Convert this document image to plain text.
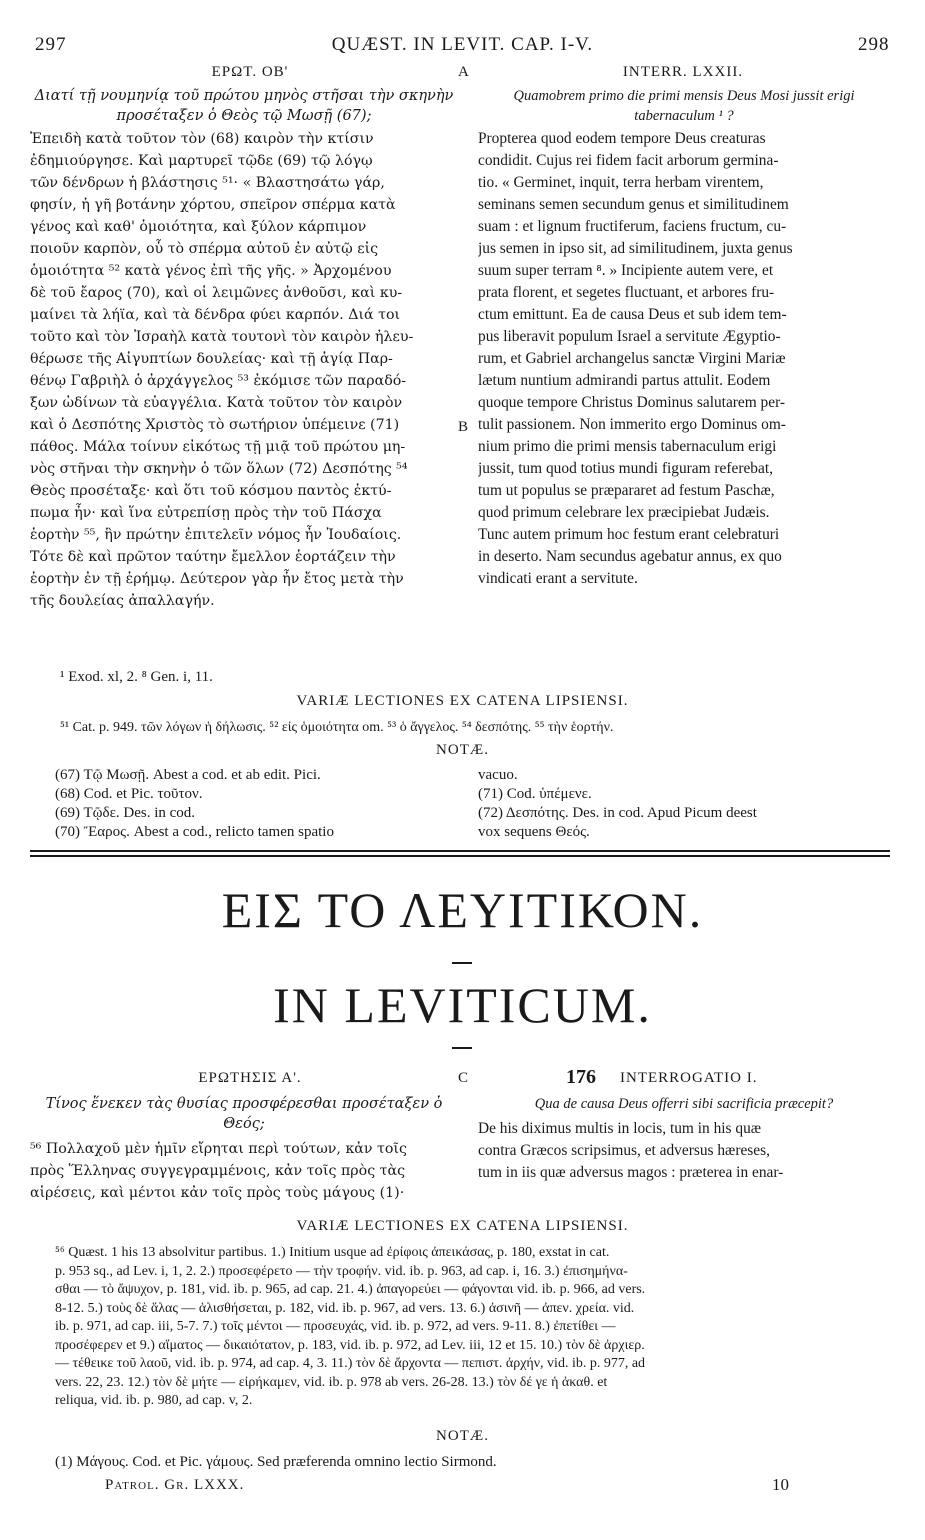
297	QUÆST. IN LEVIT. CAP. I-V.	298
ΕΡΩΤ. ΟΒ'	A	INTERR. LXXII.

Διατί τῇ νουμηνίᾳ τοῦ πρώτου μηνὸς στῆσαι τὴν σκηνὴν προσέταξεν ὁ Θεὸς τῷ Μωσῇ (67);

Ἐπειδὴ κατὰ τοῦτον τὸν (68) καιρὸν τὴν κτίσιν
ἐδημιούργησε. Καὶ μαρτυρεῖ τῷδε (69) τῷ λόγῳ
τῶν δένδρων ἡ βλάστησις ⁵¹· « Βλαστησάτω γάρ,
φησίν, ἡ γῆ βοτάνην χόρτου, σπεῖρον σπέρμα κατὰ
γένος καὶ καθ' ὁμοιότητα, καὶ ξύλον κάρπιμον
ποιοῦν καρπὸν, οὗ τὸ σπέρμα αὐτοῦ ἐν αὐτῷ εἰς
ὁμοιότητα ⁵² κατὰ γένος ἐπὶ τῆς γῆς. » Ἀρχομένου
δὲ τοῦ ἔαρος (70), καὶ οἱ λειμῶνες ἀνθοῦσι, καὶ κυ-
μαίνει τὰ λήϊα, καὶ τὰ δένδρα φύει καρπόν. Διά τοι
τοῦτο καὶ τὸν Ἰσραὴλ κατὰ τουτονὶ τὸν καιρὸν ἠλευ-
θέρωσε τῆς Αἰγυπτίων δουλείας· καὶ τῇ ἁγίᾳ Παρ-
θένῳ Γαβριὴλ ὁ ἀρχάγγελος ⁵³ ἐκόμισε τῶν παραδό-
ξων ὠδίνων τὰ εὐαγγέλια. Κατὰ τοῦτον τὸν καιρὸν
καὶ ὁ Δεσπότης Χριστὸς τὸ σωτήριον ὑπέμεινε (71)
πάθος. Μάλα τοίνυν εἰκότως τῇ μιᾷ τοῦ πρώτου μη-
νὸς στῆναι τὴν σκηνὴν ὁ τῶν ὅλων (72) Δεσπότης ⁵⁴
Θεὸς προσέταξε· καὶ ὅτι τοῦ κόσμου παντὸς ἐκτύ-
πωμα ἦν· καὶ ἵνα εὐτρεπίσῃ πρὸς τὴν τοῦ Πάσχα
ἑορτὴν ⁵⁵, ἣν πρώτην ἐπιτελεῖν νόμος ἦν Ἰουδαίοις.
Τότε δὲ καὶ πρῶτον ταύτην ἔμελλον ἑορτάζειν τὴν
ἑορτὴν ἐν τῇ ἐρήμῳ. Δεύτερον γὰρ ἦν ἔτος μετὰ τὴν
τῆς δουλείας ἀπαλλαγήν.
B

Quamobrem primo die primi mensis Deus Mosi jussit erigi tabernaculum ¹ ?

Propterea quod eodem tempore Deus creaturas
condidit. Cujus rei fidem facit arborum germina-
tio. « Germinet, inquit, terra herbam virentem,
seminans semen secundum genus et similitudinem
suam : et lignum fructiferum, faciens fructum, cu-
jus semen in ipso sit, ad similitudinem, juxta genus
suum super terram ⁸. » Incipiente autem vere, et
prata florent, et segetes fluctuant, et arbores fru-
ctum emittunt. Ea de causa Deus et sub idem tem-
pus liberavit populum Israel a servitute Ægyptio-
rum, et Gabriel archangelus sanctæ Virgini Mariæ
lætum nuntium admirandi partus attulit. Eodem
quoque tempore Christus Dominus salutarem per-
tulit passionem. Non immerito ergo Dominus om-
nium primo die primi mensis tabernaculum erigi
jussit, tum quod totius mundi figuram referebat,
tum ut populus se præpararet ad festum Paschæ,
quod primum celebrare lex præcipiebat Judæis.
Tunc autem primum hoc festum erant celebraturi
in deserto. Nam secundus agebatur annus, ex quo
vindicati erant a servitute.
¹ Exod. xl, 2. ⁸ Gen. i, 11.
VARIÆ LECTIONES EX CATENA LIPSIENSI.
⁵¹ Cat. p. 949. τῶν λόγων ἡ δήλωσις. ⁵² εἰς ὁμοιότητα om. ⁵³ ὁ ἄγγελος. ⁵⁴ δεσπότης. ⁵⁵ τὴν ἑορτήν.
NOTÆ.
(67) Τῷ Μωσῇ. Abest a cod. et ab edit. Pici.
(68) Cod. et Pic. τοῦτον.
(69) Τῷδε. Des. in cod.
(70) Ἔαρος. Abest a cod., relicto tamen spatio
vacuo.
(71) Cod. ὑπέμενε.
(72) Δεσπότης. Des. in cod. Apud Picum deest
vox sequens Θεός.
ΕΙΣ ΤΟ ΛΕΥΙΤΙΚΟΝ.
IN LEVITICUM.
ΕΡΩΤΗΣΙΣ Α'.	C	176 INTERROGATIO I.

Τίνος ἕνεκεν τὰς θυσίας προσφέρεσθαι προσέταξεν ὁ Θεός;

⁵⁶ Πολλαχοῦ μὲν ἡμῖν εἴρηται περὶ τούτων, κἀν τοῖς
πρὸς Ἕλληνας συγγεγραμμένοις, κἀν τοῖς πρὸς τὰς
αἱρέσεις, καὶ μέντοι κἀν τοῖς πρὸς τοὺς μάγους (1)·

Qua de causa Deus offerri sibi sacrificia præcepit?

De his diximus multis in locis, tum in his quæ
contra Græcos scripsimus, et adversus hæreses,
tum in iis quæ adversus magos : præterea in enar-
VARIÆ LECTIONES EX CATENA LIPSIENSI.
⁵⁶ Quæst. 1 his 13 absolvitur partibus. 1.) Initium usque ad ἐρίφοις ἀπεικάσας, p. 180, exstat in cat.
p. 953 sq., ad Lev. i, 1, 2. 2.) προσεφέρετο — τὴν τροφήν. vid. ib. p. 963, ad cap. i, 16. 3.) ἐπισημήνα-
σθαι — τὸ ἄψυχον, p. 181, vid. ib. p. 965, ad cap. 21. 4.) ἀπαγορεύει — φάγονται vid. ib. p. 966, ad vers.
8-12. 5.) τοὺς δὲ ἅλας — ἁλισθήσεται, p. 182, vid. ib. p. 967, ad vers. 13. 6.) ἀσινῆ — ἀπεν. χρεία. vid.
ib. p. 971, ad cap. iii, 5-7. 7.) τοῖς μέντοι — προσευχάς, vid. ib. p. 972, ad vers. 9-11. 8.) ἐπετίθει —
προσέφερεν et 9.) αἵματος — δικαιότατον, p. 183, vid. ib. p. 972, ad Lev. iii, 12 et 15. 10.) τὸν δὲ ἀρχιερ.
— τέθεικε τοῦ λαοῦ, vid. ib. p. 974, ad cap. 4, 3. 11.) τὸν δὲ ἄρχοντα — πεπιστ. ἀρχήν, vid. ib. p. 977, ad
vers. 22, 23. 12.) τὸν δὲ μήτε — εἰρήκαμεν, vid. ib. p. 978 ab vers. 26-28. 13.) τὸν δέ γε ἡ ἀκαθ. et
reliqua, vid. ib. p. 980, ad cap. v, 2.
NOTÆ.
(1) Μάγους. Cod. et Pic. γάμους. Sed præferenda omnino lectio Sirmond.
Patrol. Gr. LXXX.	10
